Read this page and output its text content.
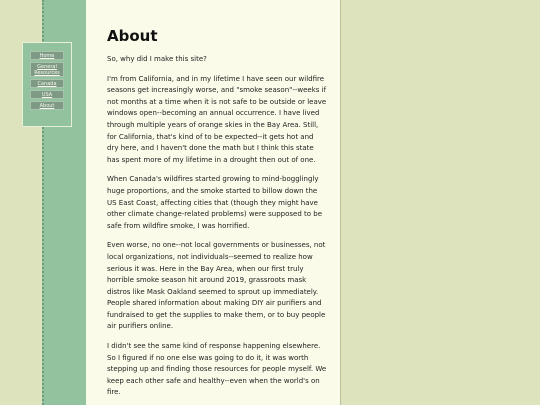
Home
General Resources
Canada
USA
About
About

So, why did I make this site?

I'm from California, and in my lifetime I have seen our wildfire seasons get increasingly worse, and "smoke season"--weeks if not months at a time when it is not safe to be outside or leave windows open--becoming an annual occurrence. I have lived through multiple years of orange skies in the Bay Area. Still, for California, that's kind of to be expected--it gets hot and dry here, and I haven't done the math but I think this state has spent more of my lifetime in a drought then out of one.

When Canada's wildfires started growing to mind-bogglingly huge proportions, and the smoke started to billow down the US East Coast, affecting cities that (though they might have other climate change-related problems) were supposed to be safe from wildfire smoke, I was horrified.

Even worse, no one--not local governments or businesses, not local organizations, not individuals--seemed to realize how serious it was. Here in the Bay Area, when our first truly horrible smoke season hit around 2019, grassroots mask distros like Mask Oakland seemed to sprout up immediately. People shared information about making DIY air purifiers and fundraised to get the supplies to make them, or to buy people air purifiers online.

I didn't see the same kind of response happening elsewhere. So I figured if no one else was going to do it, it was worth stepping up and finding those resources for people myself. We keep each other safe and healthy--even when the world's on fire.
